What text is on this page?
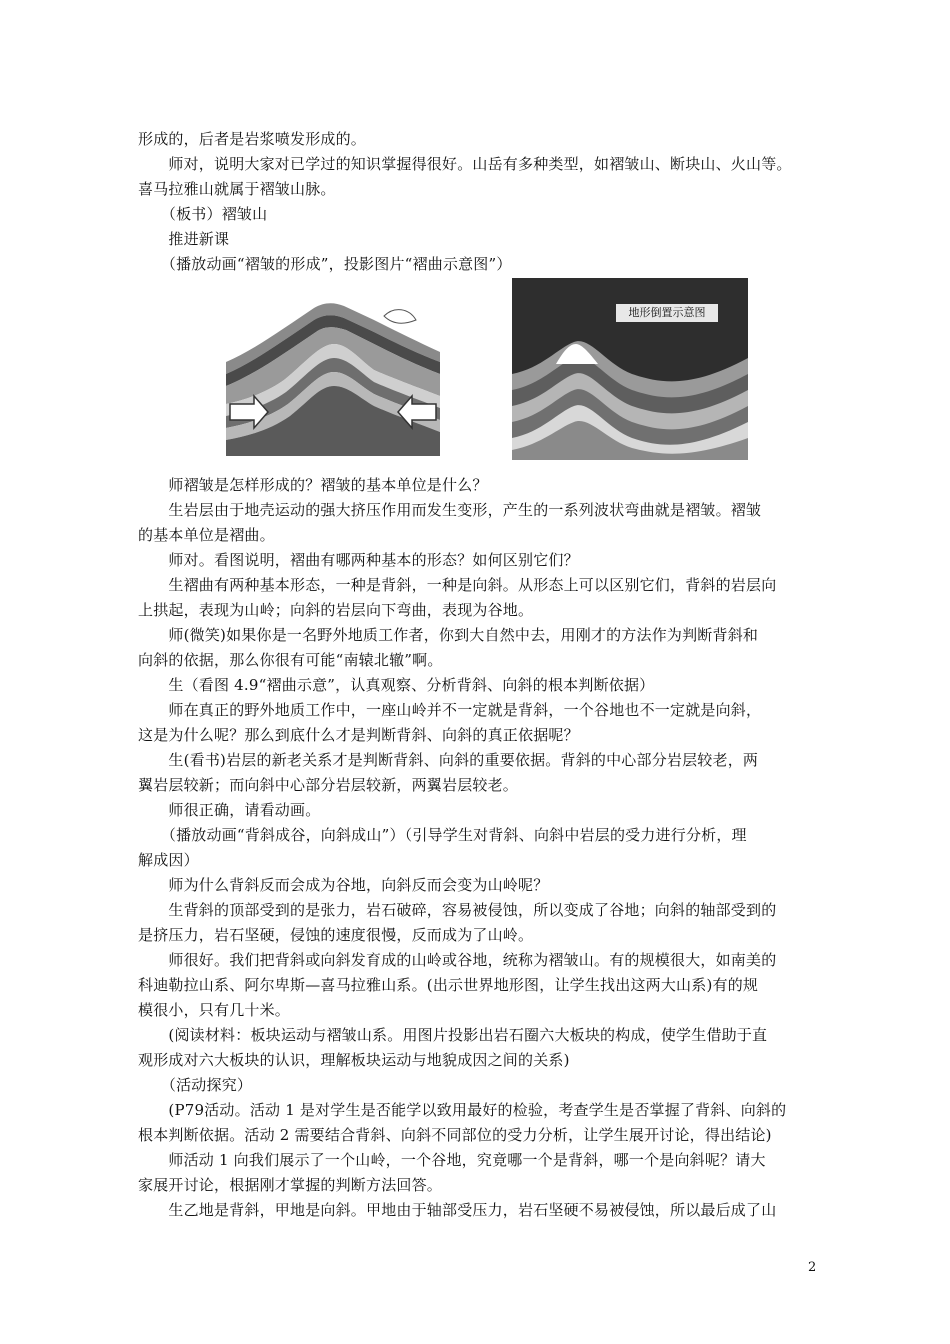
形成的，后者是岩浆喷发形成的。
　　师对，说明大家对已学过的知识掌握得很好。山岳有多种类型，如褶皱山、断块山、火山等。
喜马拉雅山就属于褶皱山脉。
　　（板书）褶皱山
　　推进新课
　　（播放动画“褶皱的形成”，投影图片“褶曲示意图”）
地形倒置示意图
　　师褶皱是怎样形成的？褶皱的基本单位是什么？
　　生岩层由于地壳运动的强大挤压作用而发生变形，产生的一系列波状弯曲就是褶皱。褶皱
的基本单位是褶曲。
　　师对。看图说明，褶曲有哪两种基本的形态？如何区别它们？
　　生褶曲有两种基本形态，一种是背斜，一种是向斜。从形态上可以区别它们，背斜的岩层向
上拱起，表现为山岭；向斜的岩层向下弯曲，表现为谷地。
　　师(微笑)如果你是一名野外地质工作者，你到大自然中去，用刚才的方法作为判断背斜和
向斜的依据，那么你很有可能“南辕北辙”啊。
　　生（看图 4.9“褶曲示意”，认真观察、分析背斜、向斜的根本判断依据）
　　师在真正的野外地质工作中，一座山岭并不一定就是背斜，一个谷地也不一定就是向斜，
这是为什么呢？那么到底什么才是判断背斜、向斜的真正依据呢？
　　生(看书)岩层的新老关系才是判断背斜、向斜的重要依据。背斜的中心部分岩层较老，两
翼岩层较新；而向斜中心部分岩层较新，两翼岩层较老。
　　师很正确，请看动画。
　　（播放动画“背斜成谷，向斜成山”）（引导学生对背斜、向斜中岩层的受力进行分析，理
解成因）
　　师为什么背斜反而会成为谷地，向斜反而会变为山岭呢？
　　生背斜的顶部受到的是张力，岩石破碎，容易被侵蚀，所以变成了谷地；向斜的轴部受到的
是挤压力，岩石坚硬，侵蚀的速度很慢，反而成为了山岭。
　　师很好。我们把背斜或向斜发育成的山岭或谷地，统称为褶皱山。有的规模很大，如南美的
科迪勒拉山系、阿尔卑斯—喜马拉雅山系。(出示世界地形图，让学生找出这两大山系)有的规
模很小，只有几十米。
　　(阅读材料：板块运动与褶皱山系。用图片投影出岩石圈六大板块的构成，使学生借助于直
观形成对六大板块的认识，理解板块运动与地貌成因之间的关系)
　　（活动探究）
　　(P79活动。活动 1 是对学生是否能学以致用最好的检验，考查学生是否掌握了背斜、向斜的
根本判断依据。活动 2 需要结合背斜、向斜不同部位的受力分析，让学生展开讨论，得出结论)
　　师活动 1 向我们展示了一个山岭，一个谷地，究竟哪一个是背斜，哪一个是向斜呢？请大
家展开讨论，根据刚才掌握的判断方法回答。
　　生乙地是背斜，甲地是向斜。甲地由于轴部受压力，岩石坚硬不易被侵蚀，所以最后成了山
2
